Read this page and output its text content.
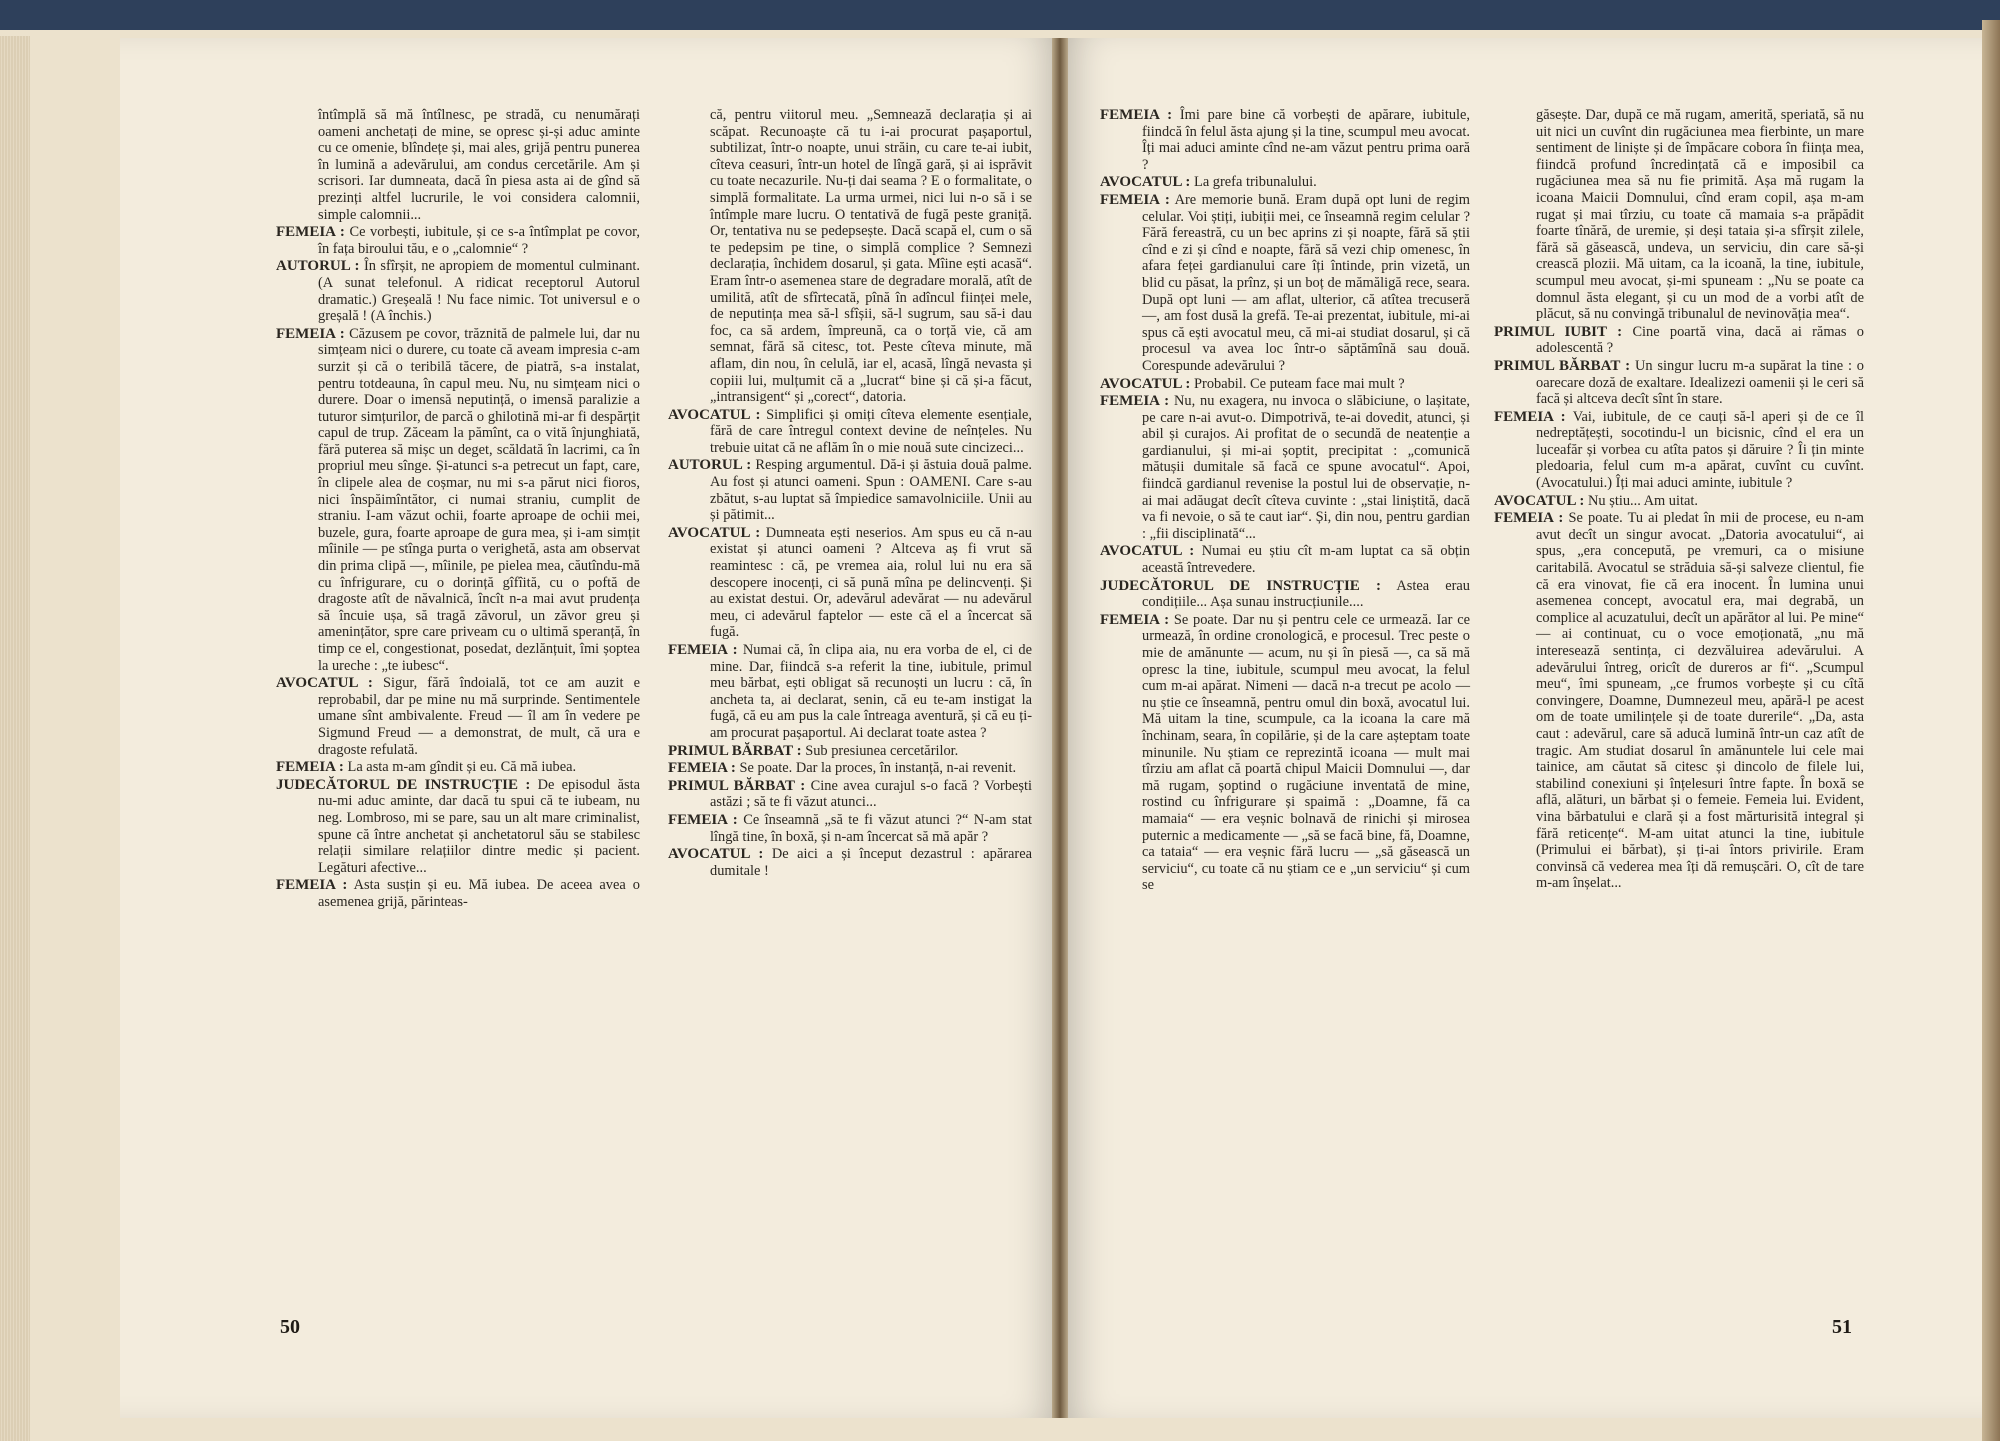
întîmplă să mă întîlnesc, pe stradă, cu nenumărați oameni anchetați de mine, se opresc și-și aduc aminte cu ce omenie, blîndețe și, mai ales, grijă pentru punerea în lumină a adevărului, am condus cercetările. Am și scrisori. Iar dumneata, dacă în piesa asta ai de gînd să prezinți altfel lucrurile, le voi considera calomnii, simple calomnii...

FEMEIA : Ce vorbești, iubitule, și ce s-a întîmplat pe covor, în fața biroului tău, e o „calomnie“ ?

AUTORUL : În sfîrșit, ne apropiem de momentul culminant. (A sunat telefonul. A ridicat receptorul Autorul dramatic.) Greșeală ! Nu face nimic. Tot universul e o greșală ! (A închis.)

FEMEIA : Căzusem pe covor, trăznită de palmele lui, dar nu simțeam nici o durere, cu toate că aveam impresia c-am surzit și că o teribilă tăcere, de piatră, s-a instalat, pentru totdeauna, în capul meu. Nu, nu simțeam nici o durere. Doar o imensă neputință, o imensă paralizie a tuturor simțurilor, de parcă o ghilotină mi-ar fi despărțit capul de trup. Zăceam la pămînt, ca o vită înjunghiată, fără puterea să mișc un deget, scăldată în lacrimi, ca în propriul meu sînge. Și-atunci s-a petrecut un fapt, care, în clipele alea de coșmar, nu mi s-a părut nici fioros, nici înspăimîntător, ci numai straniu, cumplit de straniu. I-am văzut ochii, foarte aproape de ochii mei, buzele, gura, foarte aproape de gura mea, și i-am simțit mîinile — pe stînga purta o verighetă, asta am observat din prima clipă —, mîinile, pe pielea mea, căutîndu-mă cu înfrigurare, cu o dorință gîfîită, cu o poftă de dragoste atît de năvalnică, încît n-a mai avut prudența să încuie ușa, să tragă zăvorul, un zăvor greu și amenințător, spre care priveam cu o ultimă speranță, în timp ce el, congestionat, posedat, dezlănțuit, îmi șoptea la ureche : „te iubesc“.

AVOCATUL : Sigur, fără îndoială, tot ce am auzit e reprobabil, dar pe mine nu mă surprinde. Sentimentele umane sînt ambivalente. Freud — îl am în vedere pe Sigmund Freud — a demonstrat, de mult, că ura e dragoste refulată.

FEMEIA : La asta m-am gîndit și eu. Că mă iubea.

JUDECĂTORUL DE INSTRUCȚIE : De episodul ăsta nu-mi aduc aminte, dar dacă tu spui că te iubeam, nu neg. Lombroso, mi se pare, sau un alt mare criminalist, spune că între anchetat și anchetatorul său se stabilesc relații similare relațiilor dintre medic și pacient. Legături afective...

FEMEIA : Asta susțin și eu. Mă iubea. De aceea avea o asemenea grijă, părinteas-

că, pentru viitorul meu. „Semnează declarația și ai scăpat. Recunoaște că tu i-ai procurat pașaportul, subtilizat, într-o noapte, unui străin, cu care te-ai iubit, cîteva ceasuri, într-un hotel de lîngă gară, și ai isprăvit cu toate necazurile. Nu-ți dai seama ? E o formalitate, o simplă formalitate. La urma urmei, nici lui n-o să i se întîmple mare lucru. O tentativă de fugă peste graniță. Or, tentativa nu se pedepsește. Dacă scapă el, cum o să te pedepsim pe tine, o simplă complice ? Semnezi declarația, închidem dosarul, și gata. Mîine ești acasă“. Eram într-o asemenea stare de degradare morală, atît de umilită, atît de sfîrtecată, pînă în adîncul ființei mele, de neputința mea să-l sfîșii, să-l sugrum, sau să-i dau foc, ca să ardem, împreună, ca o torță vie, că am semnat, fără să citesc, tot. Peste cîteva minute, mă aflam, din nou, în celulă, iar el, acasă, lîngă nevasta și copiii lui, mulțumit că a „lucrat“ bine și că și-a făcut, „intransigent“ și „corect“, datoria.

AVOCATUL : Simplifici și omiți cîteva elemente esențiale, fără de care întregul context devine de neînțeles. Nu trebuie uitat că ne aflăm în o mie nouă sute cincizeci...

AUTORUL : Resping argumentul. Dă-i și ăstuia două palme. Au fost și atunci oameni. Spun : OAMENI. Care s-au zbătut, s-au luptat să împiedice samavolniciile. Unii au și pătimit...

AVOCATUL : Dumneata ești neserios. Am spus eu că n-au existat și atunci oameni ? Altceva aș fi vrut să reamintesc : că, pe vremea aia, rolul lui nu era să descopere inocenți, ci să pună mîna pe delincvenți. Și au existat destui. Or, adevărul adevărat — nu adevărul meu, ci adevărul faptelor — este că el a încercat să fugă.

FEMEIA : Numai că, în clipa aia, nu era vorba de el, ci de mine. Dar, fiindcă s-a referit la tine, iubitule, primul meu bărbat, ești obligat să recunoști un lucru : că, în ancheta ta, ai declarat, senin, că eu te-am instigat la fugă, că eu am pus la cale întreaga aventură, și că eu ți-am procurat pașaportul. Ai declarat toate astea ?

PRIMUL BĂRBAT : Sub presiunea cercetărilor.

FEMEIA : Se poate. Dar la proces, în instanță, n-ai revenit.

PRIMUL BĂRBAT : Cine avea curajul s-o facă ? Vorbești astăzi ; să te fi văzut atunci...

FEMEIA : Ce înseamnă „să te fi văzut atunci ?“ N-am stat lîngă tine, în boxă, și n-am încercat să mă apăr ?

AVOCATUL : De aici a și început dezastrul : apărarea dumitale !

FEMEIA : Îmi pare bine că vorbești de apărare, iubitule, fiindcă în felul ăsta ajung și la tine, scumpul meu avocat. Îți mai aduci aminte cînd ne-am văzut pentru prima oară ?

AVOCATUL : La grefa tribunalului.

FEMEIA : Are memorie bună. Eram după opt luni de regim celular. Voi știți, iubiții mei, ce înseamnă regim celular ? Fără fereastră, cu un bec aprins zi și noapte, fără să știi cînd e zi și cînd e noapte, fără să vezi chip omenesc, în afara feței gardianului care îți întinde, prin vizetă, un blid cu păsat, la prînz, și un boț de mămăligă rece, seara. După opt luni — am aflat, ulterior, că atîtea trecuseră —, am fost dusă la grefă. Te-ai prezentat, iubitule, mi-ai spus că ești avocatul meu, că mi-ai studiat dosarul, și că procesul va avea loc într-o săptămînă sau două. Corespunde adevărului ?

AVOCATUL : Probabil. Ce puteam face mai mult ?

FEMEIA : Nu, nu exagera, nu invoca o slăbiciune, o lașitate, pe care n-ai avut-o. Dimpotrivă, te-ai dovedit, atunci, și abil și curajos. Ai profitat de o secundă de neatenție a gardianului, și mi-ai șoptit, precipitat : „comunică mătușii dumitale să facă ce spune avocatul“. Apoi, fiindcă gardianul revenise la postul lui de observație, n-ai mai adăugat decît cîteva cuvinte : „stai liniștită, dacă va fi nevoie, o să te caut iar“. Și, din nou, pentru gardian : „fii disciplinată“...

AVOCATUL : Numai eu știu cît m-am luptat ca să obțin această întrevedere.

JUDECĂTORUL DE INSTRUCȚIE : Astea erau condițiile... Așa sunau instrucțiunile....

FEMEIA : Se poate. Dar nu și pentru cele ce urmează. Iar ce urmează, în ordine cronologică, e procesul. Trec peste o mie de amănunte — acum, nu și în piesă —, ca să mă opresc la tine, iubitule, scumpul meu avocat, la felul cum m-ai apărat. Nimeni — dacă n-a trecut pe acolo — nu știe ce înseamnă, pentru omul din boxă, avocatul lui. Mă uitam la tine, scumpule, ca la icoana la care mă închinam, seara, în copilărie, și de la care așteptam toate minunile. Nu știam ce reprezintă icoana — mult mai tîrziu am aflat că poartă chipul Maicii Domnului —, dar mă rugam, șoptind o rugăciune inventată de mine, rostind cu înfrigurare și spaimă : „Doamne, fă ca mamaia“ — era veșnic bolnavă de rinichi și mirosea puternic a medicamente — „să se facă bine, fă, Doamne, ca tataia“ — era veșnic fără lucru — „să găsească un serviciu“, cu toate că nu știam ce e „un serviciu“ și cum se

găsește. Dar, după ce mă rugam, amerită, speriată, să nu uit nici un cuvînt din rugăciunea mea fierbinte, un mare sentiment de liniște și de împăcare cobora în ființa mea, fiindcă profund încredințată că e imposibil ca rugăciunea mea să nu fie primită. Așa mă rugam la icoana Maicii Domnului, cînd eram copil, așa m-am rugat și mai tîrziu, cu toate că mamaia s-a prăpădit foarte tînără, de uremie, și deși tataia și-a sfîrșit zilele, fără să găsească, undeva, un serviciu, din care să-și crească plozii. Mă uitam, ca la icoană, la tine, iubitule, scumpul meu avocat, și-mi spuneam : „Nu se poate ca domnul ăsta elegant, și cu un mod de a vorbi atît de plăcut, să nu convingă tribunalul de nevinovăția mea“.

PRIMUL IUBIT : Cine poartă vina, dacă ai rămas o adolescentă ?

PRIMUL BĂRBAT : Un singur lucru m-a supărat la tine : o oarecare doză de exaltare. Idealizezi oamenii și le ceri să facă și altceva decît sînt în stare.

FEMEIA : Vai, iubitule, de ce cauți să-l aperi și de ce îl nedreptățești, socotindu-l un bicisnic, cînd el era un luceafăr și vorbea cu atîta patos și dăruire ? Îi țin minte pledoaria, felul cum m-a apărat, cuvînt cu cuvînt. (Avocatului.) Îți mai aduci aminte, iubitule ?

AVOCATUL : Nu știu... Am uitat.

FEMEIA : Se poate. Tu ai pledat în mii de procese, eu n-am avut decît un singur avocat. „Datoria avocatului“, ai spus, „era concepută, pe vremuri, ca o misiune caritabilă. Avocatul se străduia să-și salveze clientul, fie că era vinovat, fie că era inocent. În lumina unui asemenea concept, avocatul era, mai degrabă, un complice al acuzatului, decît un apărător al lui. Pe mine“ — ai continuat, cu o voce emoționată, „nu mă interesează sentința, ci dezvăluirea adevărului. A adevărului întreg, oricît de dureros ar fi“. „Scumpul meu“, îmi spuneam, „ce frumos vorbește și cu cîtă convingere, Doamne, Dumnezeul meu, apără-l pe acest om de toate umilințele și de toate durerile“. „Da, asta caut : adevărul, care să aducă lumină într-un caz atît de tragic. Am studiat dosarul în amănuntele lui cele mai tainice, am căutat să citesc și dincolo de filele lui, stabilind conexiuni și înțelesuri între fapte. În boxă se află, alături, un bărbat și o femeie. Femeia lui. Evident, vina bărbatului e clară și a fost mărturisită integral și fără reticențe“. M-am uitat atunci la tine, iubitule (Primului ei bărbat), și ți-ai întors privirile. Eram convinsă că vederea mea îți dă remușcări. O, cît de tare m-am înșelat...

50	51
